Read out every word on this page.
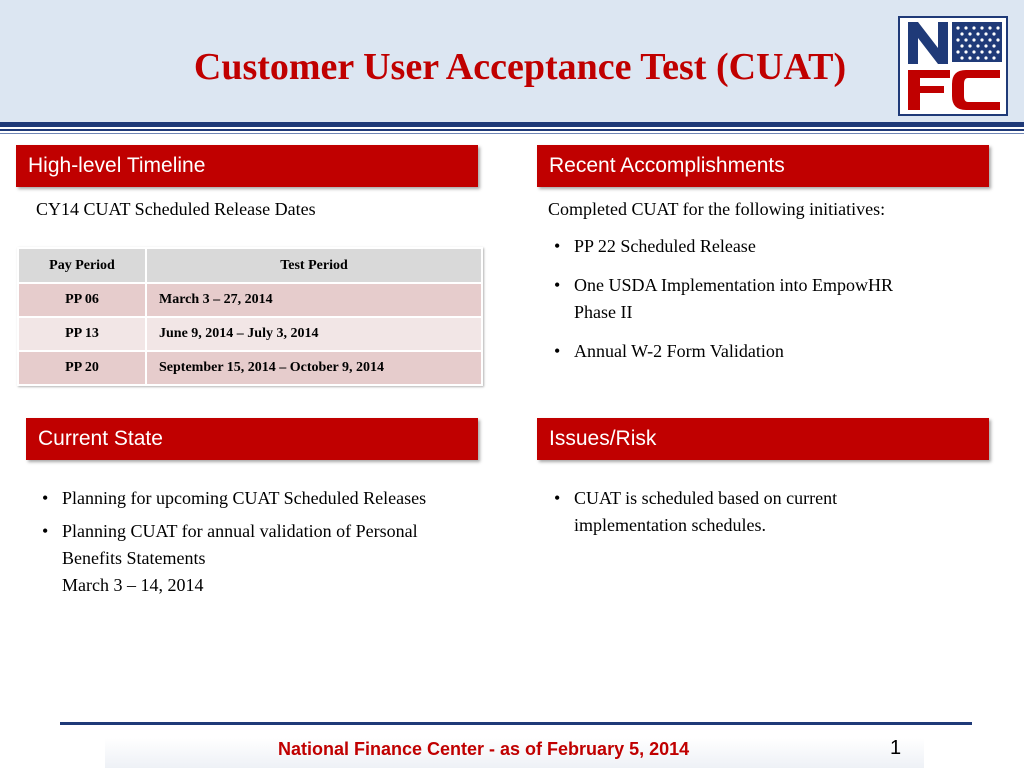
Customer User Acceptance Test (CUAT)
High-level Timeline
CY14 CUAT Scheduled Release Dates
Pay Period	Test Period
PP 06	March 3 – 27, 2014
PP 13	June 9, 2014 – July 3, 2014
PP 20	September 15, 2014 – October 9, 2014
Recent Accomplishments
Completed CUAT for the following initiatives:
• PP 22 Scheduled Release
• One USDA Implementation into EmpowHR Phase II
• Annual W-2 Form Validation
Current State
• Planning for upcoming CUAT Scheduled Releases
• Planning CUAT for annual validation of Personal Benefits Statements
March 3 – 14, 2014
Issues/Risk
• CUAT is scheduled based on current implementation schedules.
National Finance Center - as of February 5, 2014	1
